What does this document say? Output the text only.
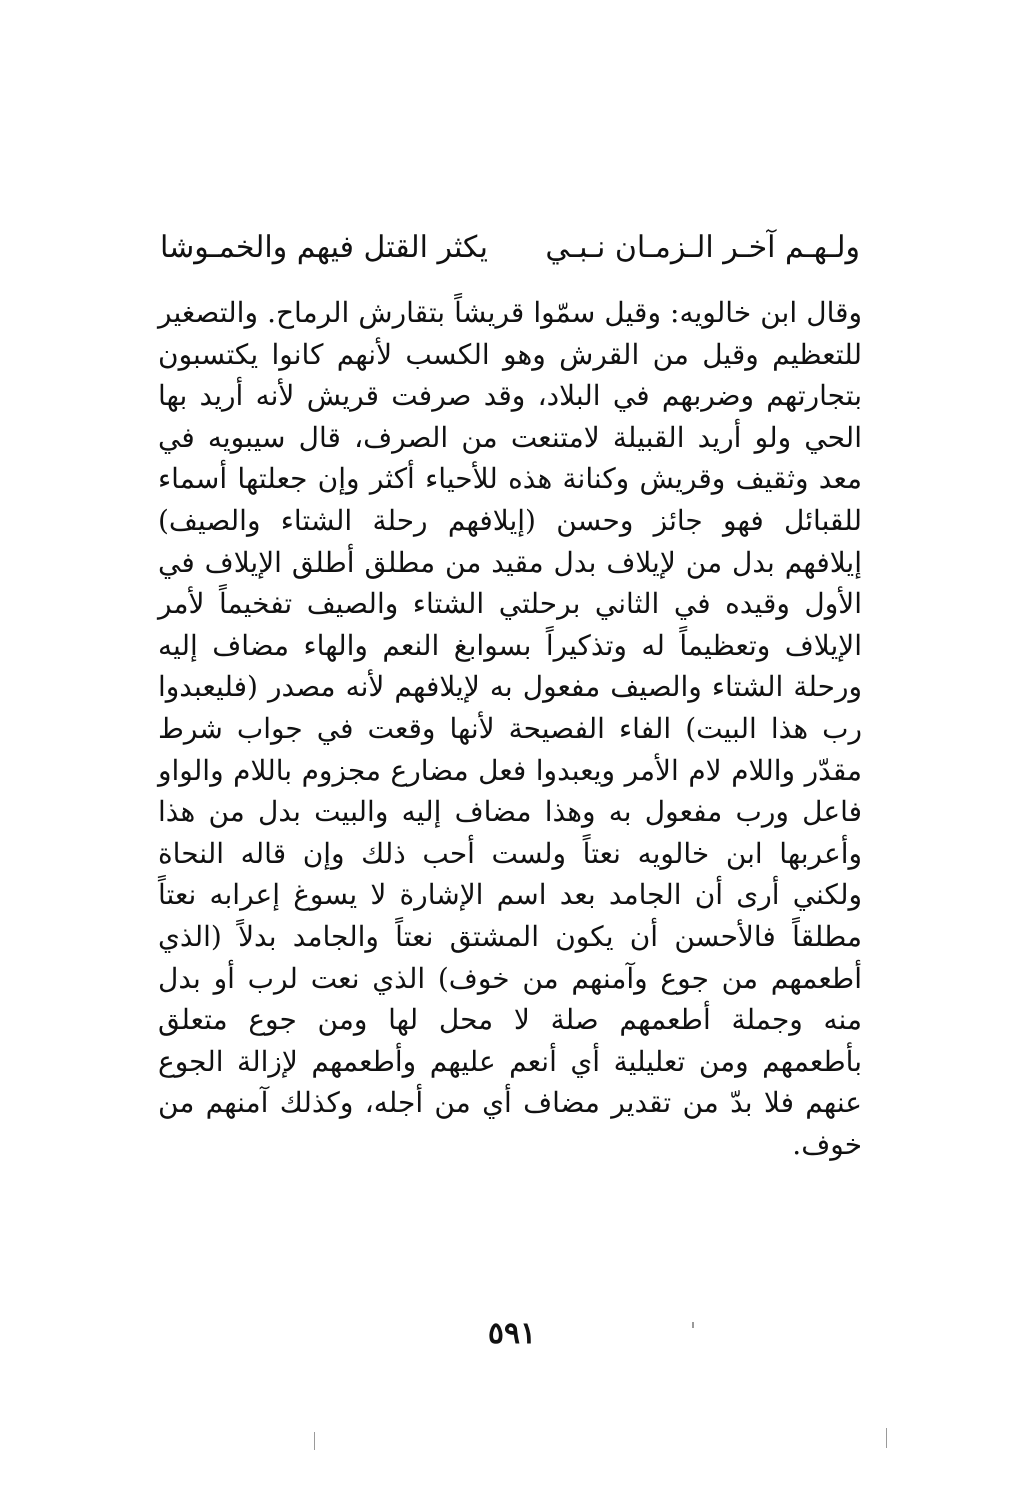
ولـهـم آخـر الـزمـان نـبـي
يكثر القتل فيهم والخمـوشا
وقال ابن خالويه: وقيل سمّوا قريشاً بتقارش الرماح. والتصغير للتعظيم وقيل من القرش وهو الكسب لأنهم كانوا يكتسبون بتجارتهم وضربهم في البلاد، وقد صرفت قريش لأنه أريد بها الحي ولو أريد القبيلة لامتنعت من الصرف، قال سيبويه في معد وثقيف وقريش وكنانة هذه للأحياء أكثر وإن جعلتها أسماء للقبائل فهو جائز وحسن (إيلافهم رحلة الشتاء والصيف) إيلافهم بدل من لإيلاف بدل مقيد من مطلق أطلق الإيلاف في الأول وقيده في الثاني برحلتي الشتاء والصيف تفخيماً لأمر الإيلاف وتعظيماً له وتذكيراً بسوابغ النعم والهاء مضاف إليه ورحلة الشتاء والصيف مفعول به لإيلافهم لأنه مصدر (فليعبدوا رب هذا البيت) الفاء الفصيحة لأنها وقعت في جواب شرط مقدّر واللام لام الأمر ويعبدوا فعل مضارع مجزوم باللام والواو فاعل ورب مفعول به وهذا مضاف إليه والبيت بدل من هذا وأعربها ابن خالويه نعتاً ولست أحب ذلك وإن قاله النحاة ولكني أرى أن الجامد بعد اسم الإشارة لا يسوغ إعرابه نعتاً مطلقاً فالأحسن أن يكون المشتق نعتاً والجامد بدلاً (الذي أطعمهم من جوع وآمنهم من خوف) الذي نعت لرب أو بدل منه وجملة أطعمهم صلة لا محل لها ومن جوع متعلق بأطعمهم ومن تعليلية أي أنعم عليهم وأطعمهم لإزالة الجوع عنهم فلا بدّ من تقدير مضاف أي من أجله، وكذلك آمنهم من خوف.
٥٩١
